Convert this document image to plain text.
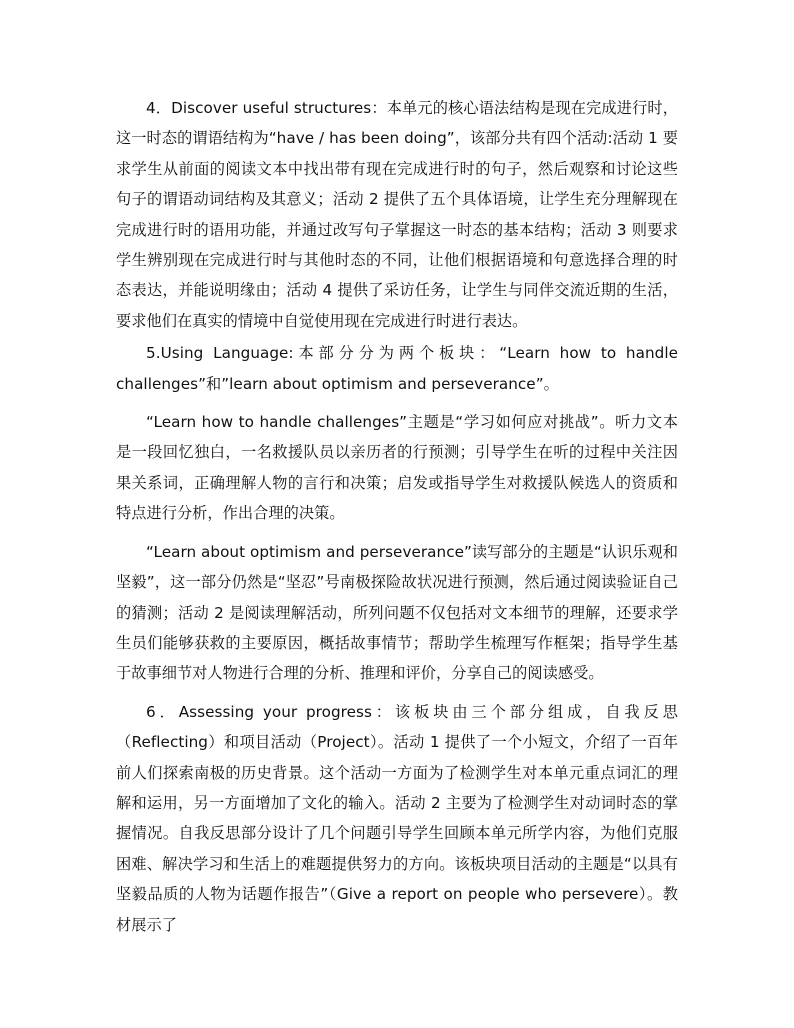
4．Discover useful structures：本单元的核心语法结构是现在完成进行时，这一时态的谓语结构为“have / has been doing”，该部分共有四个活动:活动 1 要求学生从前面的阅读文本中找出带有现在完成进行时的句子，然后观察和讨论这些句子的谓语动词结构及其意义；活动 2 提供了五个具体语境，让学生充分理解现在完成进行时的语用功能，并通过改写句子掌握这一时态的基本结构；活动 3 则要求学生辨别现在完成进行时与其他时态的不同，让他们根据语境和句意选择合理的时态表达，并能说明缘由；活动 4 提供了采访任务，让学生与同伴交流近期的生活，要求他们在真实的情境中自觉使用现在完成进行时进行表达。

5.Using Language:本部分分为两个板块：“Learn how to handle challenges”和”learn about optimism and perseverance”。

“Learn how to handle challenges”主题是“学习如何应对挑战”。听力文本是一段回忆独白，一名救援队员以亲历者的行预测；引导学生在听的过程中关注因果关系词，正确理解人物的言行和决策；启发或指导学生对救援队候选人的资质和特点进行分析，作出合理的决策。

“Learn about optimism and perseverance”读写部分的主题是“认识乐观和坚毅”，这一部分仍然是“坚忍”号南极探险故状况进行预测，然后通过阅读验证自己的猜测；活动 2 是阅读理解活动，所列问题不仅包括对文本细节的理解，还要求学生员们能够获救的主要原因，概括故事情节；帮助学生梳理写作框架；指导学生基于故事细节对人物进行合理的分析、推理和评价，分享自己的阅读感受。

6．Assessing your progress：该板块由三个部分组成，自我反思（Reflecting）和项目活动（Project）。活动 1 提供了一个小短文，介绍了一百年前人们探索南极的历史背景。这个活动一方面为了检测学生对本单元重点词汇的理解和运用，另一方面增加了文化的输入。活动 2 主要为了检测学生对动词时态的掌握情况。自我反思部分设计了几个问题引导学生回顾本单元所学内容，为他们克服困难、解决学习和生活上的难题提供努力的方向。该板块项目活动的主题是“以具有坚毅品质的人物为话题作报告”（Give a report on people who persevere）。教材展示了
